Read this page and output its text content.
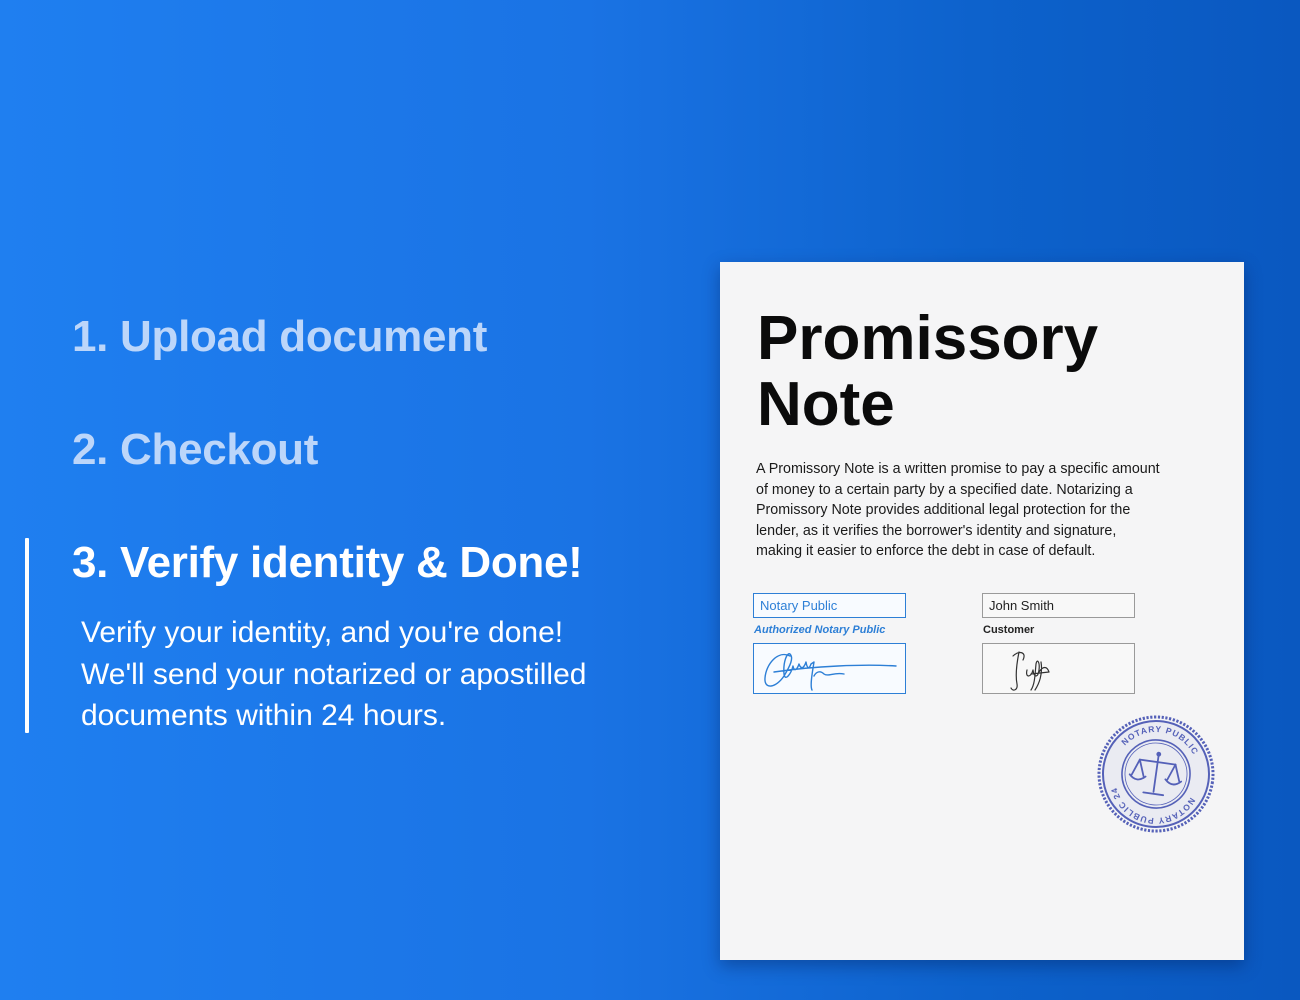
1. Upload document
2. Checkout
3. Verify identity & Done!

Verify your identity, and you're done!
We'll send your notarized or apostilled
documents within 24 hours.

Promissory
Note

A Promissory Note is a written promise to pay a specific amount
of money to a certain party by a specified date. Notarizing a
Promissory Note provides additional legal protection for the
lender, as it verifies the borrower's identity and signature,
making it easier to enforce the debt in case of default.

Notary Public
Authorized Notary Public
John Smith
Customer
NOTARY PUBLIC
NOTARY PUBLIC 24
